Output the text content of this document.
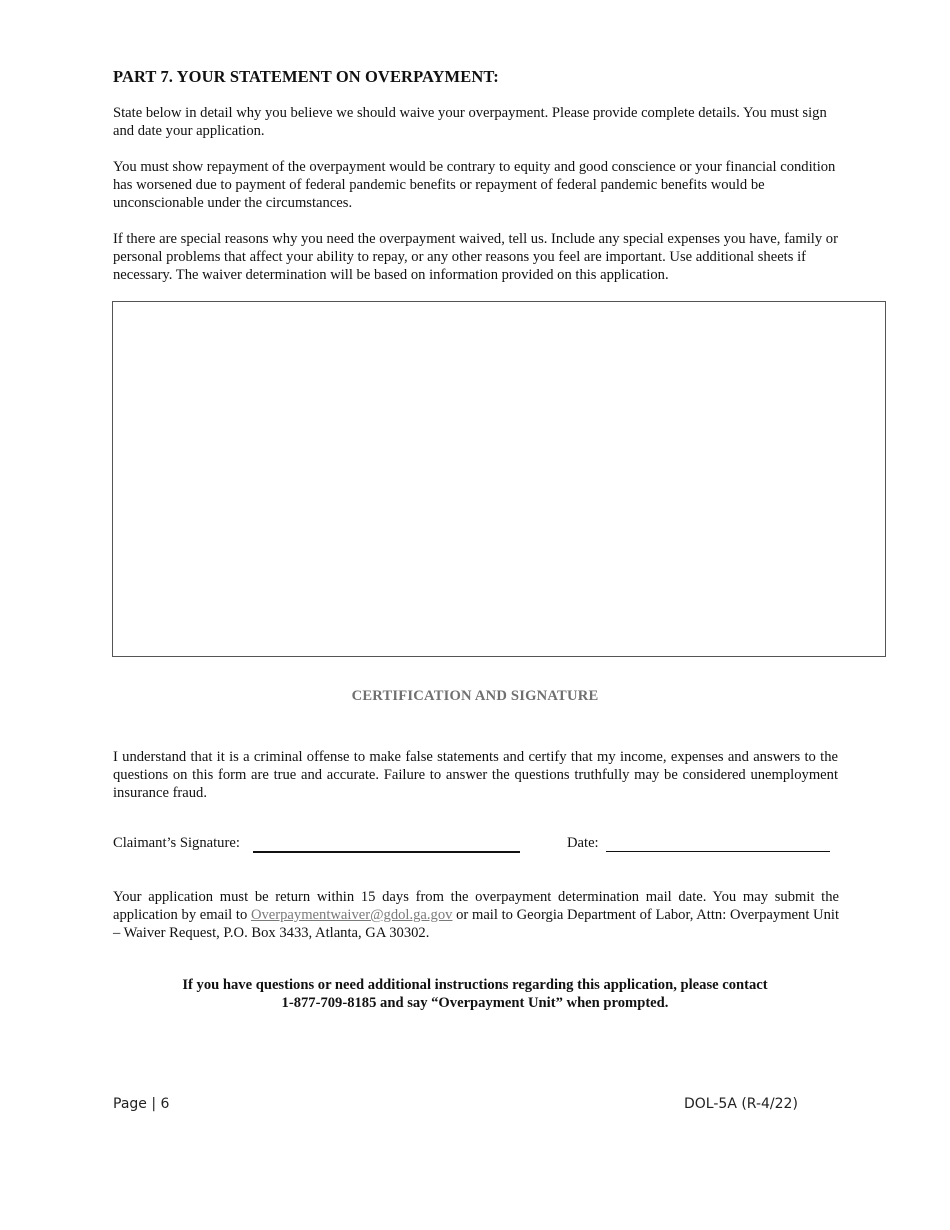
PART 7. YOUR STATEMENT ON OVERPAYMENT:
State below in detail why you believe we should waive your overpayment. Please provide complete details. You must sign and date your application.
You must show repayment of the overpayment would be contrary to equity and good conscience or your financial condition has worsened due to payment of federal pandemic benefits or repayment of federal pandemic benefits would be unconscionable under the circumstances.
If there are special reasons why you need the overpayment waived, tell us. Include any special expenses you have, family or personal problems that affect your ability to repay, or any other reasons you feel are important. Use additional sheets if necessary. The waiver determination will be based on information provided on this application.
CERTIFICATION AND SIGNATURE
I understand that it is a criminal offense to make false statements and certify that my income, expenses and answers to the questions on this form are true and accurate. Failure to answer the questions truthfully may be considered unemployment insurance fraud.
Claimant’s Signature:	Date:
Your application must be return within 15 days from the overpayment determination mail date. You may submit the application by email to Overpaymentwaiver@gdol.ga.gov or mail to Georgia Department of Labor, Attn: Overpayment Unit – Waiver Request, P.O. Box 3433, Atlanta, GA 30302.
If you have questions or need additional instructions regarding this application, please contact
1-877-709-8185 and say “Overpayment Unit” when prompted.
Page | 6	DOL-5A (R-4/22)
